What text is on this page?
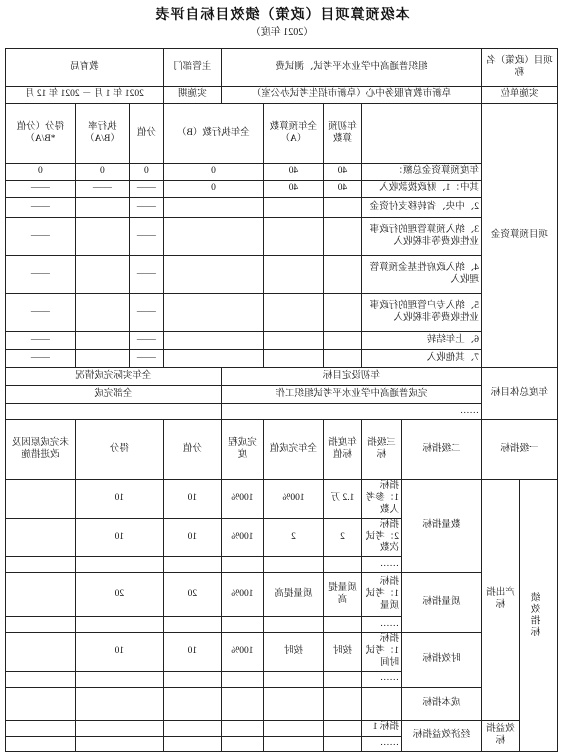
本级预算项目（政策）绩效目标自评表
（2021 年度）
项目（政策）名称		组织普通高中学业水平考试、测试费					主管部门	教育局		
实施单位		阜新市教育服务中心（阜新市招生考试办公室）					实施期	2021 年 1 月 － 2021 年 12 月		
项目预算资金				年初预算数	全年预算数（A）	全年执行数（B）		分值	执行率（B/A）	得分（分值*B/A）
		年度预算资金总额：		40	40	0		0	0	0
		其中：1、财政拨款收入		40	40	0		——	——	——
		2、中央、省转移支付资金						——		——
		3、纳入预算管理的行政事业性收费等非税收入						——		——
		4、纳入政府性基金预算管理收入						——		——
		5、纳入专户管理的行政事业性收费等非税收入						——		——
		6、上年结转						——		——
		7、其他收入						——		——
年度总体目标		年初设定目标					全年实际完成情况			
		完成普通高中学业水平考试组织工作					全部完成			
		……								
一级指标		二级指标	三级指标	年度指标值	全年完成值	完成程度	分值	得分		未完成原因及改进措施
绩效指标	产出指标	数量指标	指标 1：参考人数	1.2 万	100%	100%	10	10		
			指标 2：考试次数	2	2	100%	10	10		
			……							
		质量指标	指标 1：考试质量	质量提高	质量提高	100%	20	20		
			……							
		时效指标	指标 1：考试时间	按时	按时	100%	10	10		
			……							
		成本指标								
	效益指标	经济效益指标	指标 1							
			……							
